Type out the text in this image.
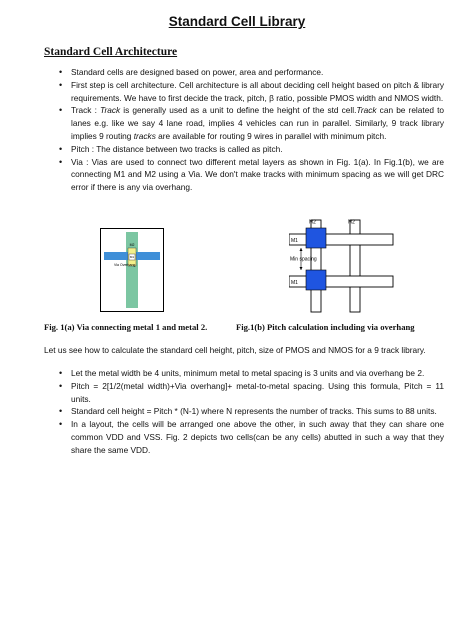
Standard Cell Library
Standard Cell Architecture
• Standard cells are designed based on power, area and performance.
• First step is cell architecture. Cell architecture is all about deciding cell height based on pitch & library requirements. We have to first decide the track, pitch, β ratio, possible PMOS width and NMOS width.
• Track : Track is generally used as a unit to define the height of the std cell.Track can be related to lanes e.g. like we say 4 lane road, implies 4 vehicles can run in parallel. Similarly, 9 track library implies 9 routing tracks are available for routing 9 wires in parallel with minimum pitch.
• Pitch : The distance between two tracks is called as pitch.
• Via : Vias are used to connect two different metal layers as shown in Fig. 1(a). In Fig.1(b), we are connecting M1 and M2 using a Via. We don't make tracks with minimum spacing as we will get DRC error if there is any via overhang.
M2
M1
Via Overhang
Min spacing
M2	M2
M1
M1
Fig. 1(a) Via connecting metal 1 and metal 2.	Fig.1(b) Pitch calculation including via overhang
Let us see how to calculate the standard cell height, pitch, size of PMOS and NMOS for a 9 track library.
• Let the metal width be 4 units, minimum metal to metal spacing is 3 units and via overhang be 2.
• Pitch = 2[1/2(metal width)+Via overhang]+ metal-to-metal spacing. Using this formula, Pitch = 11 units.
• Standard cell height = Pitch * (N-1) where N represents the number of tracks. This sums to 88 units.
• In a layout, the cells will be arranged one above the other, in such away that they can share one common VDD and VSS. Fig. 2 depicts two cells(can be any cells) abutted in such a way that they share the same VDD.
